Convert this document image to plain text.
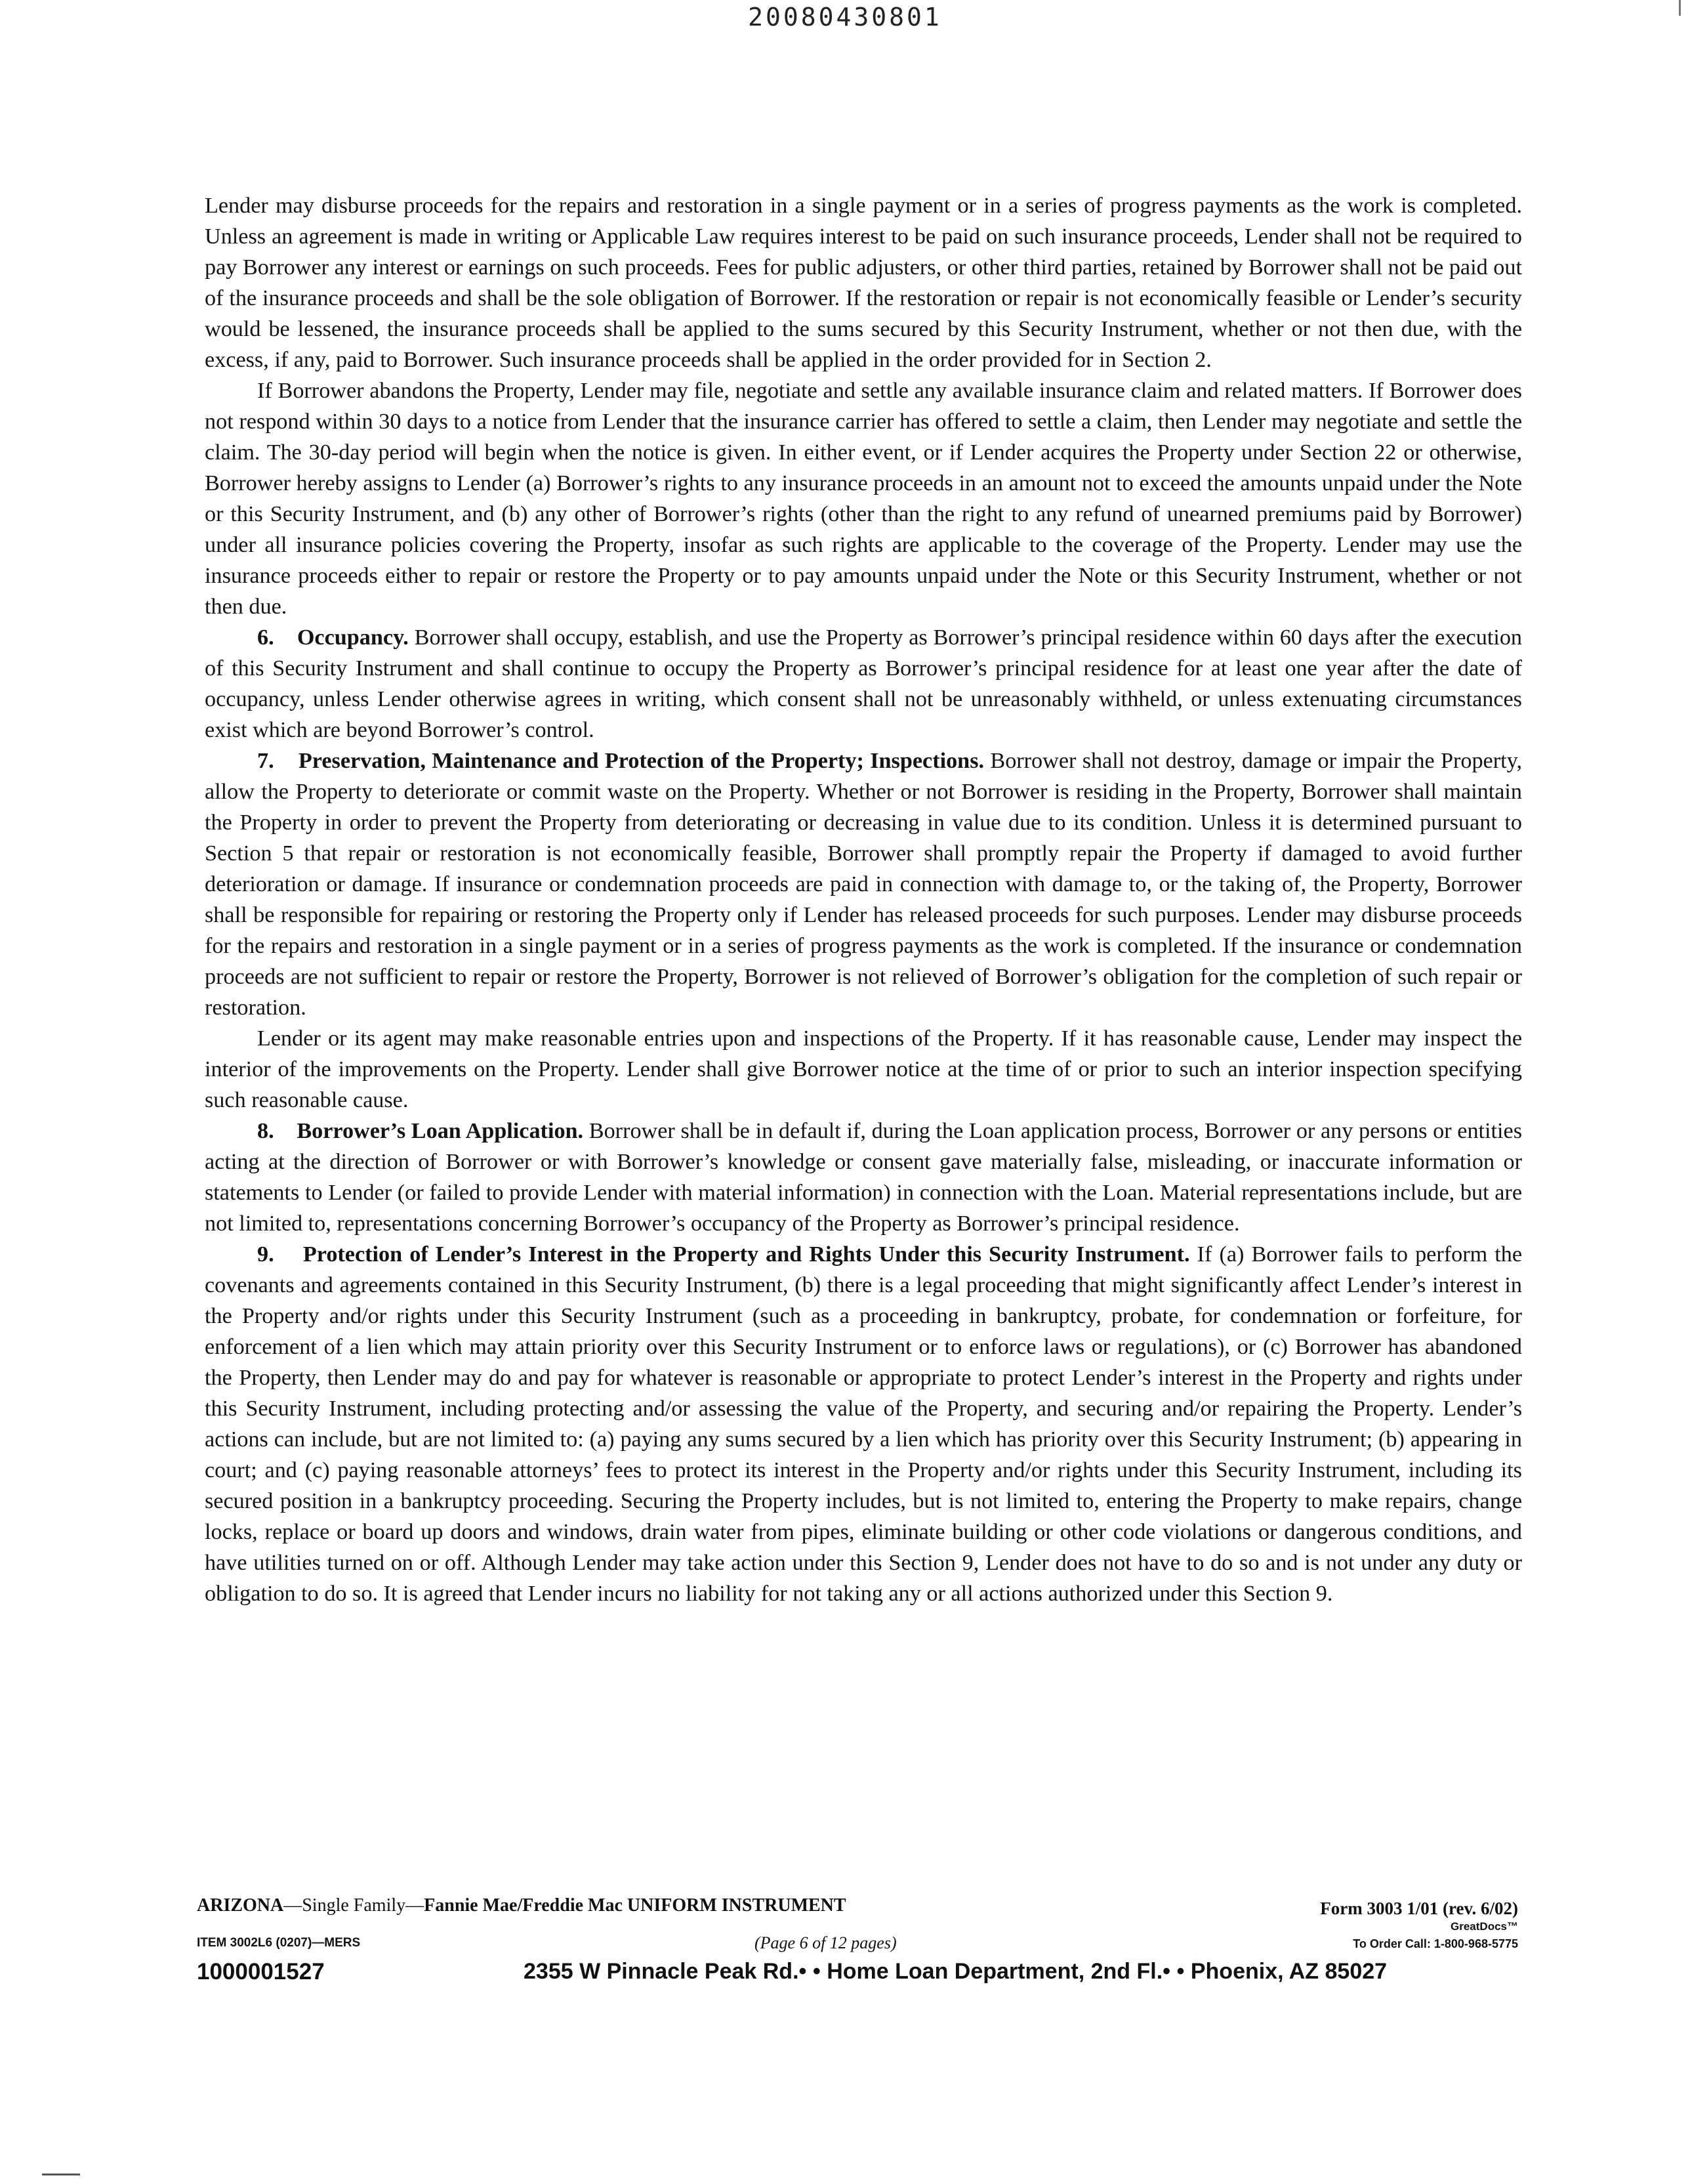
20080430801

Lender may disburse proceeds for the repairs and restoration in a single payment or in a series of progress payments as the work is completed. Unless an agreement is made in writing or Applicable Law requires interest to be paid on such insurance proceeds, Lender shall not be required to pay Borrower any interest or earnings on such proceeds. Fees for public adjusters, or other third parties, retained by Borrower shall not be paid out of the insurance proceeds and shall be the sole obligation of Borrower. If the restoration or repair is not economically feasible or Lender’s security would be lessened, the insurance proceeds shall be applied to the sums secured by this Security Instrument, whether or not then due, with the excess, if any, paid to Borrower. Such insurance proceeds shall be applied in the order provided for in Section 2.

If Borrower abandons the Property, Lender may file, negotiate and settle any available insurance claim and related matters. If Borrower does not respond within 30 days to a notice from Lender that the insurance carrier has offered to settle a claim, then Lender may negotiate and settle the claim. The 30-day period will begin when the notice is given. In either event, or if Lender acquires the Property under Section 22 or otherwise, Borrower hereby assigns to Lender (a) Borrower’s rights to any insurance proceeds in an amount not to exceed the amounts unpaid under the Note or this Security Instrument, and (b) any other of Borrower’s rights (other than the right to any refund of unearned premiums paid by Borrower) under all insurance policies covering the Property, insofar as such rights are applicable to the coverage of the Property. Lender may use the insurance proceeds either to repair or restore the Property or to pay amounts unpaid under the Note or this Security Instrument, whether or not then due.

6. Occupancy. Borrower shall occupy, establish, and use the Property as Borrower’s principal residence within 60 days after the execution of this Security Instrument and shall continue to occupy the Property as Borrower’s principal residence for at least one year after the date of occupancy, unless Lender otherwise agrees in writing, which consent shall not be unreasonably withheld, or unless extenuating circumstances exist which are beyond Borrower’s control.

7. Preservation, Maintenance and Protection of the Property; Inspections. Borrower shall not destroy, damage or impair the Property, allow the Property to deteriorate or commit waste on the Property. Whether or not Borrower is residing in the Property, Borrower shall maintain the Property in order to prevent the Property from deteriorating or decreasing in value due to its condition. Unless it is determined pursuant to Section 5 that repair or restoration is not economically feasible, Borrower shall promptly repair the Property if damaged to avoid further deterioration or damage. If insurance or condemnation proceeds are paid in connection with damage to, or the taking of, the Property, Borrower shall be responsible for repairing or restoring the Property only if Lender has released proceeds for such purposes. Lender may disburse proceeds for the repairs and restoration in a single payment or in a series of progress payments as the work is completed. If the insurance or condemnation proceeds are not sufficient to repair or restore the Property, Borrower is not relieved of Borrower’s obligation for the completion of such repair or restoration.

Lender or its agent may make reasonable entries upon and inspections of the Property. If it has reasonable cause, Lender may inspect the interior of the improvements on the Property. Lender shall give Borrower notice at the time of or prior to such an interior inspection specifying such reasonable cause.

8. Borrower’s Loan Application. Borrower shall be in default if, during the Loan application process, Borrower or any persons or entities acting at the direction of Borrower or with Borrower’s knowledge or consent gave materially false, misleading, or inaccurate information or statements to Lender (or failed to provide Lender with material information) in connection with the Loan. Material representations include, but are not limited to, representations concerning Borrower’s occupancy of the Property as Borrower’s principal residence.

9. Protection of Lender’s Interest in the Property and Rights Under this Security Instrument. If (a) Borrower fails to perform the covenants and agreements contained in this Security Instrument, (b) there is a legal proceeding that might significantly affect Lender’s interest in the Property and/or rights under this Security Instrument (such as a proceeding in bankruptcy, probate, for condemnation or forfeiture, for enforcement of a lien which may attain priority over this Security Instrument or to enforce laws or regulations), or (c) Borrower has abandoned the Property, then Lender may do and pay for whatever is reasonable or appropriate to protect Lender’s interest in the Property and rights under this Security Instrument, including protecting and/or assessing the value of the Property, and securing and/or repairing the Property. Lender’s actions can include, but are not limited to: (a) paying any sums secured by a lien which has priority over this Security Instrument; (b) appearing in court; and (c) paying reasonable attorneys’ fees to protect its interest in the Property and/or rights under this Security Instrument, including its secured position in a bankruptcy proceeding. Securing the Property includes, but is not limited to, entering the Property to make repairs, change locks, replace or board up doors and windows, drain water from pipes, eliminate building or other code violations or dangerous conditions, and have utilities turned on or off. Although Lender may take action under this Section 9, Lender does not have to do so and is not under any duty or obligation to do so. It is agreed that Lender incurs no liability for not taking any or all actions authorized under this Section 9.

ARIZONA—Single Family—Fannie Mae/Freddie Mac UNIFORM INSTRUMENT	Form 3003 1/01 (rev. 6/02)
GreatDocs™
ITEM 3002L6 (0207)—MERS	(Page 6 of 12 pages)	To Order Call: 1-800-968-5775
1000001527	2355 W Pinnacle Peak Rd.• • Home Loan Department, 2nd Fl.• • Phoenix, AZ 85027
